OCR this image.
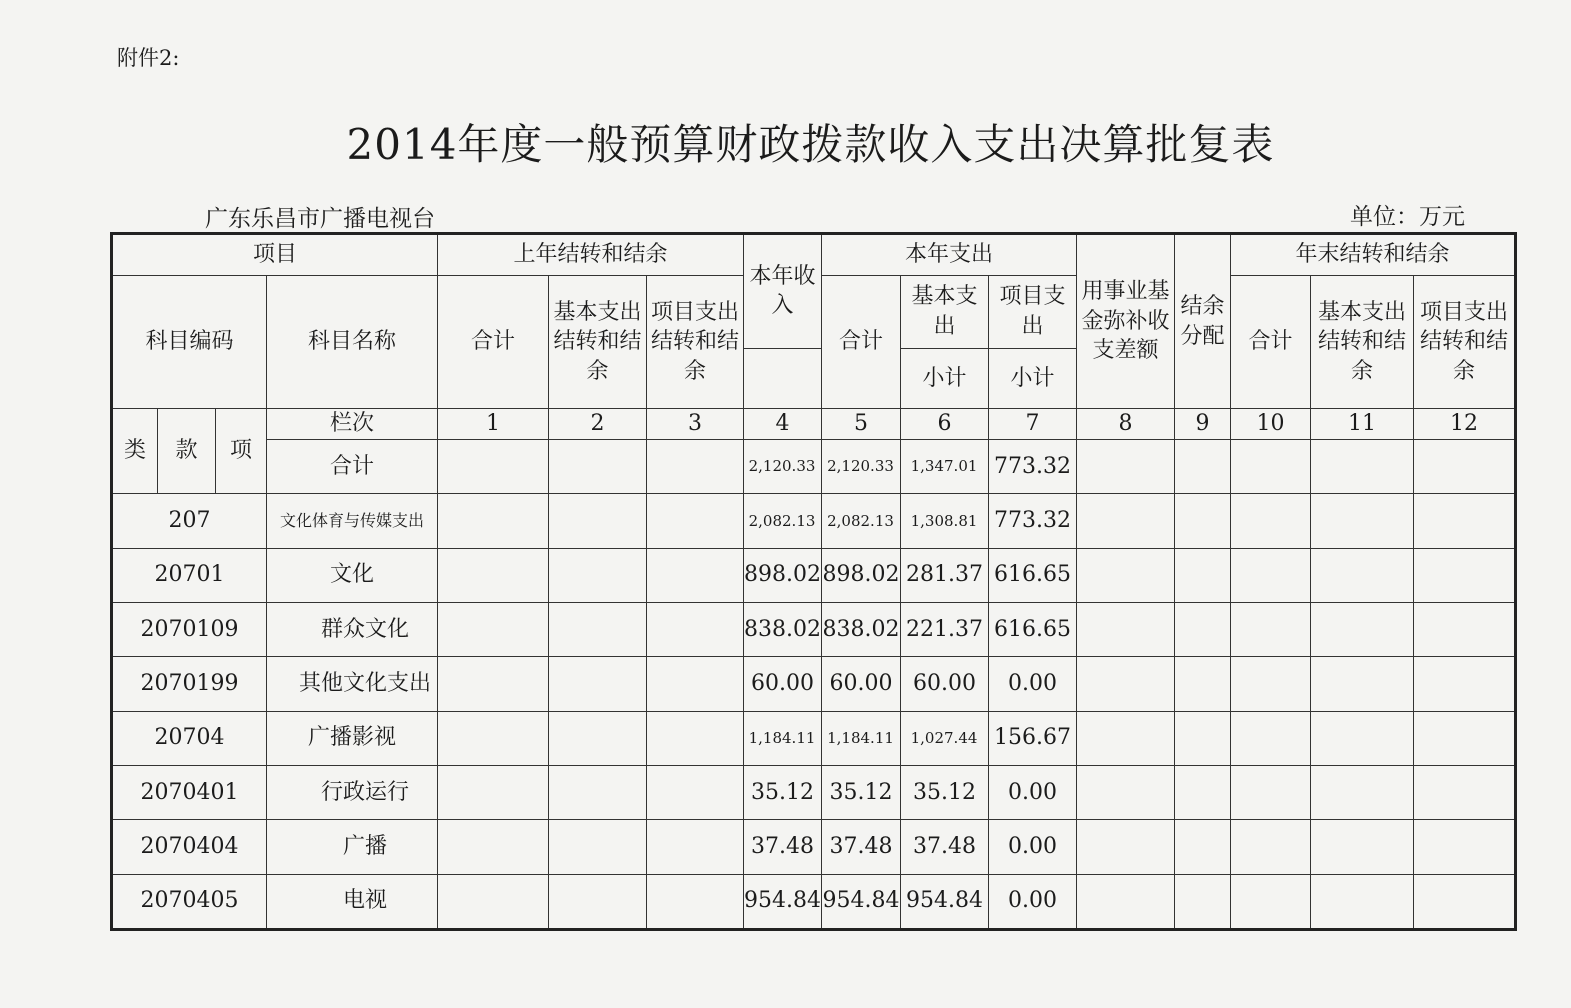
附件2:
2014年度一般预算财政拨款收入支出决算批复表
广东乐昌市广播电视台	单位：万元
项目				上年结转和结余			本年收入	本年支出			用事业基金弥补收支差额	结余分配	年末结转和结余		
科目编码			科目名称	合计	基本支出结转和结余	项目支出结转和结余		合计	基本支出	项目支出			合计	基本支出结转和结余	项目支出结转和结余
									小计	小计					
类	款	项	栏次	1	2	3	4	5	6	7	8	9	10	11	12
			合计				2,120.33	2,120.33	1,347.01	773.32					
207			文化体育与传媒支出				2,082.13	2,082.13	1,308.81	773.32					
20701			文化				898.02	898.02	281.37	616.65					
2070109			群众文化				838.02	838.02	221.37	616.65					
2070199			其他文化支出				60.00	60.00	60.00	0.00					
20704			广播影视				1,184.11	1,184.11	1,027.44	156.67					
2070401			行政运行				35.12	35.12	35.12	0.00					
2070404			广播				37.48	37.48	37.48	0.00					
2070405			电视				954.84	954.84	954.84	0.00					
